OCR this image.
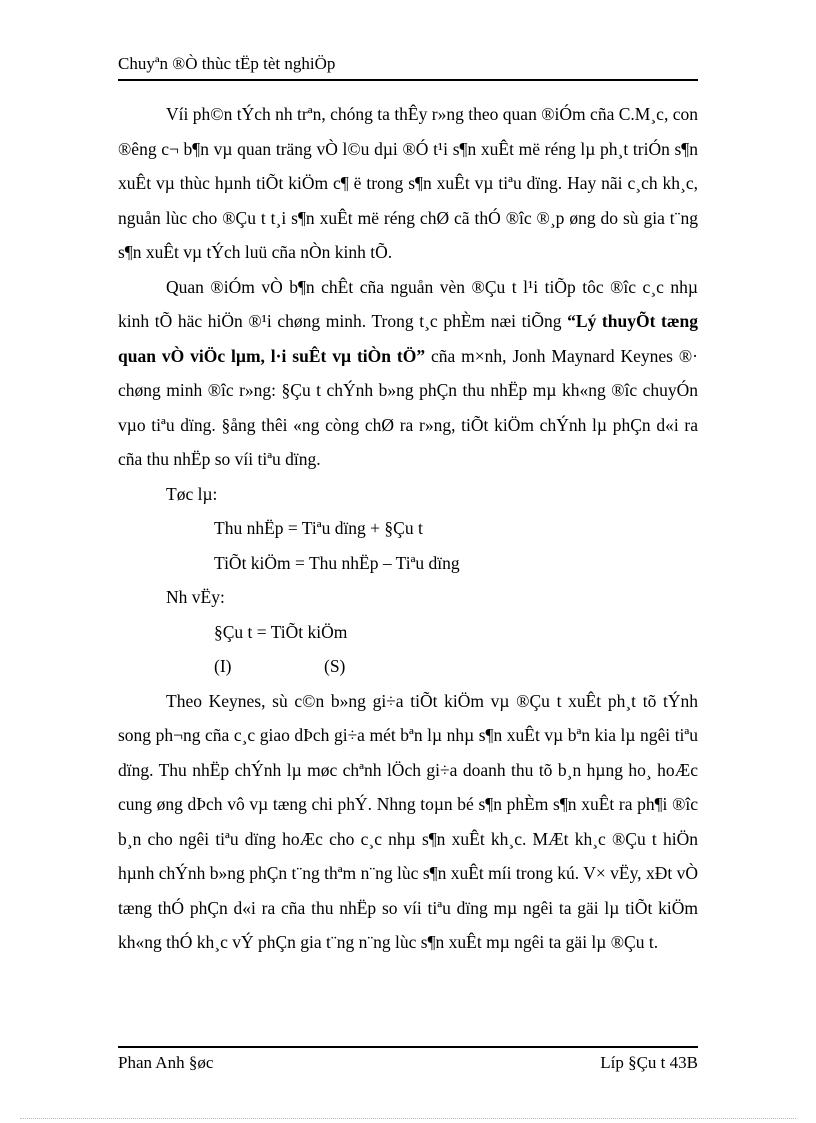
Chuyªn ®Ò thùc tËp tèt nghiÖp

Víi ph©n tÝch nh trªn, chóng ta thÊy r»ng theo quan ®iÓm cña C.M¸c, con ®êng c¬ b¶n vµ quan träng vÒ l©u dµi ®Ó t¹i s¶n xuÊt më réng lµ ph¸t triÓn s¶n xuÊt vµ thùc hµnh tiÕt kiÖm c¶ ë trong s¶n xuÊt vµ tiªu dïng. Hay nãi c¸ch kh¸c, nguån lùc cho ®Çu t t¸i s¶n xuÊt më réng chØ cã thÓ ®îc ®¸p øng do sù gia t¨ng s¶n xuÊt vµ tÝch luü cña nÒn kinh tÕ.

Quan ®iÓm vÒ b¶n chÊt cña nguån vèn ®Çu t l¹i tiÕp tôc ®îc c¸c nhµ kinh tÕ häc hiÖn ®¹i chøng minh. Trong t¸c phÈm næi tiÕng “Lý thuyÕt tæng quan vÒ viÖc lµm, l·i suÊt vµ tiÒn tÖ” cña m×nh, Jonh Maynard Keynes ®· chøng minh ®îc r»ng: §Çu t chÝnh b»ng phÇn thu nhËp mµ kh«ng ®îc chuyÓn vµo tiªu dïng. §ång thêi «ng còng chØ ra r»ng, tiÕt kiÖm chÝnh lµ phÇn d«i ra cña thu nhËp so víi tiªu dïng.

Tøc lµ:

Thu nhËp = Tiªu dïng + §Çu t

TiÕt kiÖm = Thu nhËp – Tiªu dïng

Nh vËy:

§Çu t = TiÕt kiÖm

(I)	(S)

Theo Keynes, sù c©n b»ng gi÷a tiÕt kiÖm vµ ®Çu t xuÊt ph¸t tõ tÝnh song ph¬ng cña c¸c giao dÞch gi÷a mét bªn lµ nhµ s¶n xuÊt vµ bªn kia lµ ngêi tiªu dïng. Thu nhËp chÝnh lµ møc chªnh lÖch gi÷a doanh thu tõ b¸n hµng ho¸ hoÆc cung øng dÞch vô vµ tæng chi phÝ. Nhng toµn bé s¶n phÈm s¶n xuÊt ra ph¶i ®îc b¸n cho ngêi tiªu dïng hoÆc cho c¸c nhµ s¶n xuÊt kh¸c. MÆt kh¸c ®Çu t hiÖn hµnh chÝnh b»ng phÇn t¨ng thªm n¨ng lùc s¶n xuÊt míi trong kú. V× vËy, xÐt vÒ tæng thÓ phÇn d«i ra cña thu nhËp so víi tiªu dïng mµ ngêi ta gäi lµ tiÕt kiÖm kh«ng thÓ kh¸c vÝ phÇn gia t¨ng n¨ng lùc s¶n xuÊt mµ ngêi ta gäi lµ ®Çu t.

Phan Anh §øc	Líp §Çu t 43B
